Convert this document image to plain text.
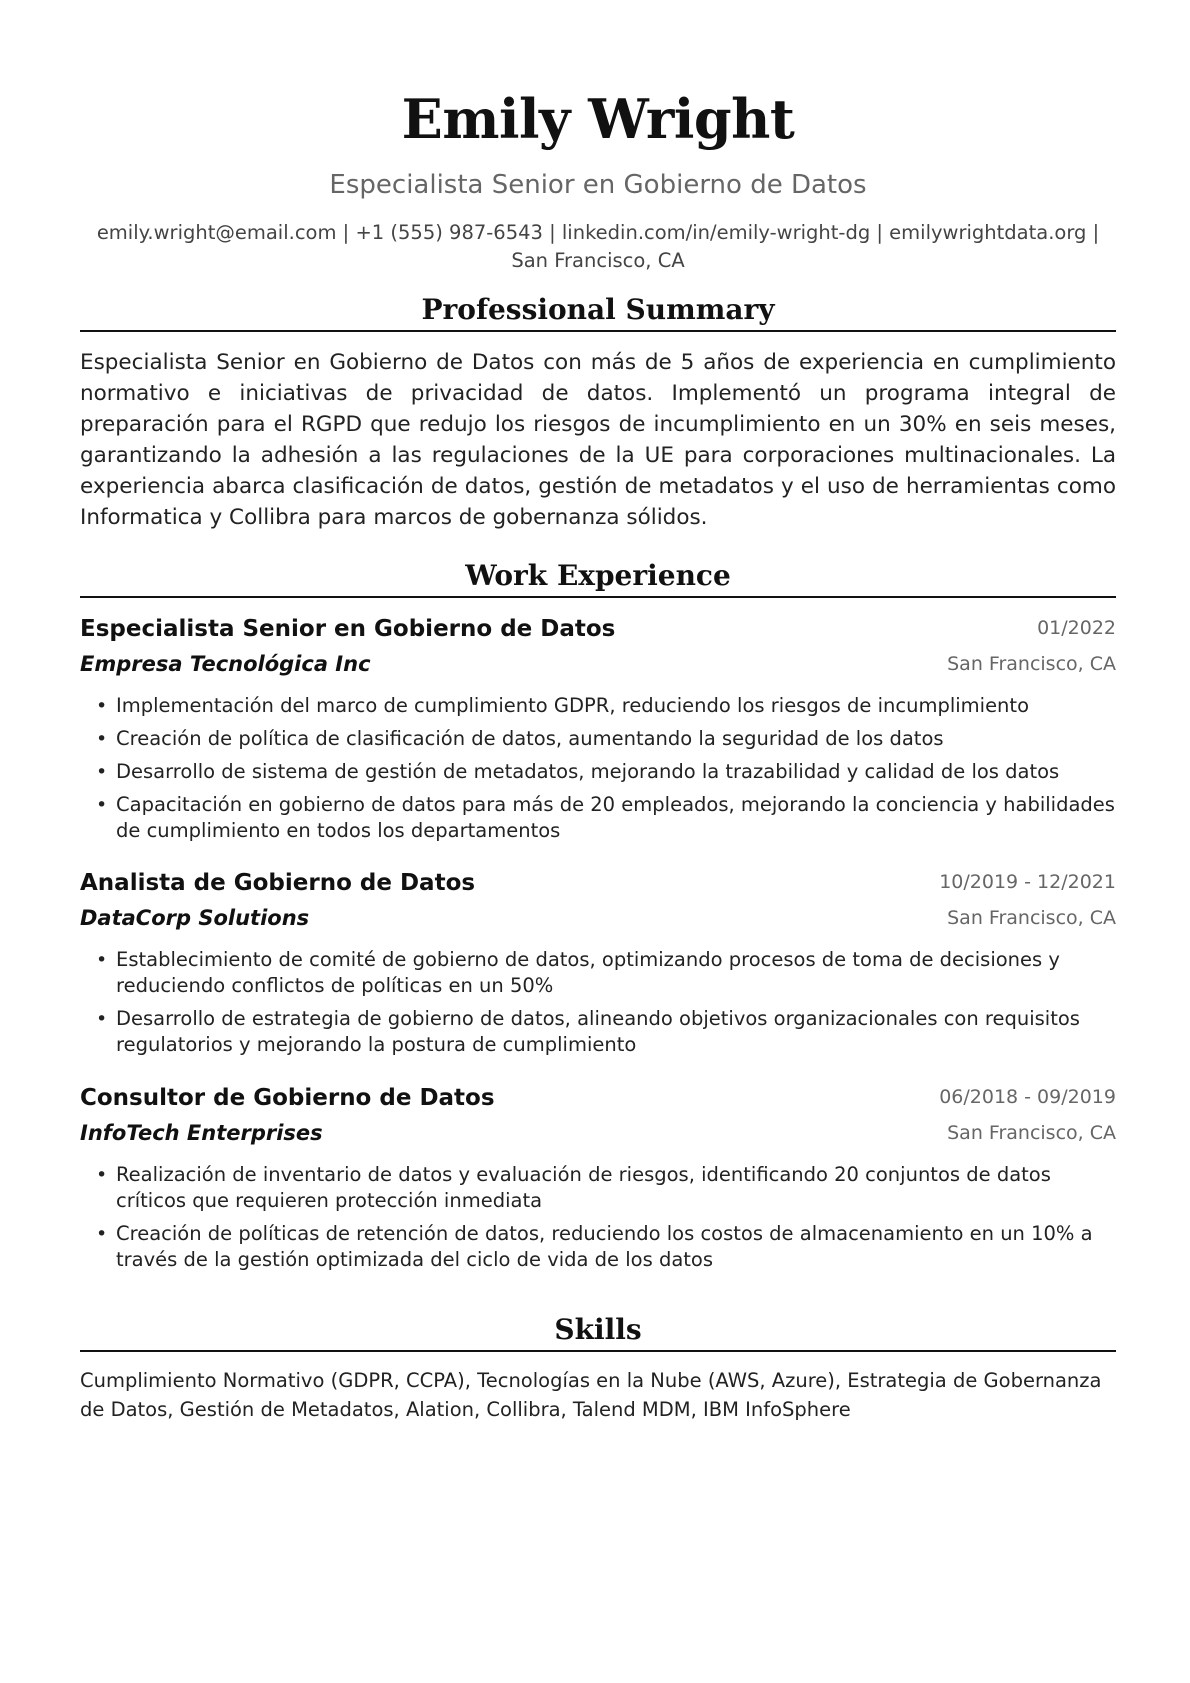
Emily Wright
Especialista Senior en Gobierno de Datos
emily.wright@email.com | +1 (555) 987-6543 | linkedin.com/in/emily-wright-dg | emilywrightdata.org | San Francisco, CA
Professional Summary
Especialista Senior en Gobierno de Datos con más de 5 años de experiencia en cumplimiento normativo e iniciativas de privacidad de datos. Implementó un programa integral de preparación para el RGPD que redujo los riesgos de incumplimiento en un 30% en seis meses, garantizando la adhesión a las regulaciones de la UE para corporaciones multinacionales. La experiencia abarca clasificación de datos, gestión de metadatos y el uso de herramientas como Informatica y Collibra para marcos de gobernanza sólidos.
Work Experience
Especialista Senior en Gobierno de Datos	01/2022
Empresa Tecnológica Inc	San Francisco, CA
• Implementación del marco de cumplimiento GDPR, reduciendo los riesgos de incumplimiento
• Creación de política de clasificación de datos, aumentando la seguridad de los datos
• Desarrollo de sistema de gestión de metadatos, mejorando la trazabilidad y calidad de los datos
• Capacitación en gobierno de datos para más de 20 empleados, mejorando la conciencia y habilidades de cumplimiento en todos los departamentos
Analista de Gobierno de Datos	10/2019 - 12/2021
DataCorp Solutions	San Francisco, CA
• Establecimiento de comité de gobierno de datos, optimizando procesos de toma de decisiones y reduciendo conflictos de políticas en un 50%
• Desarrollo de estrategia de gobierno de datos, alineando objetivos organizacionales con requisitos regulatorios y mejorando la postura de cumplimiento
Consultor de Gobierno de Datos	06/2018 - 09/2019
InfoTech Enterprises	San Francisco, CA
• Realización de inventario de datos y evaluación de riesgos, identificando 20 conjuntos de datos críticos que requieren protección inmediata
• Creación de políticas de retención de datos, reduciendo los costos de almacenamiento en un 10% a través de la gestión optimizada del ciclo de vida de los datos
Skills
Cumplimiento Normativo (GDPR, CCPA), Tecnologías en la Nube (AWS, Azure), Estrategia de Gobernanza de Datos, Gestión de Metadatos, Alation, Collibra, Talend MDM, IBM InfoSphere
